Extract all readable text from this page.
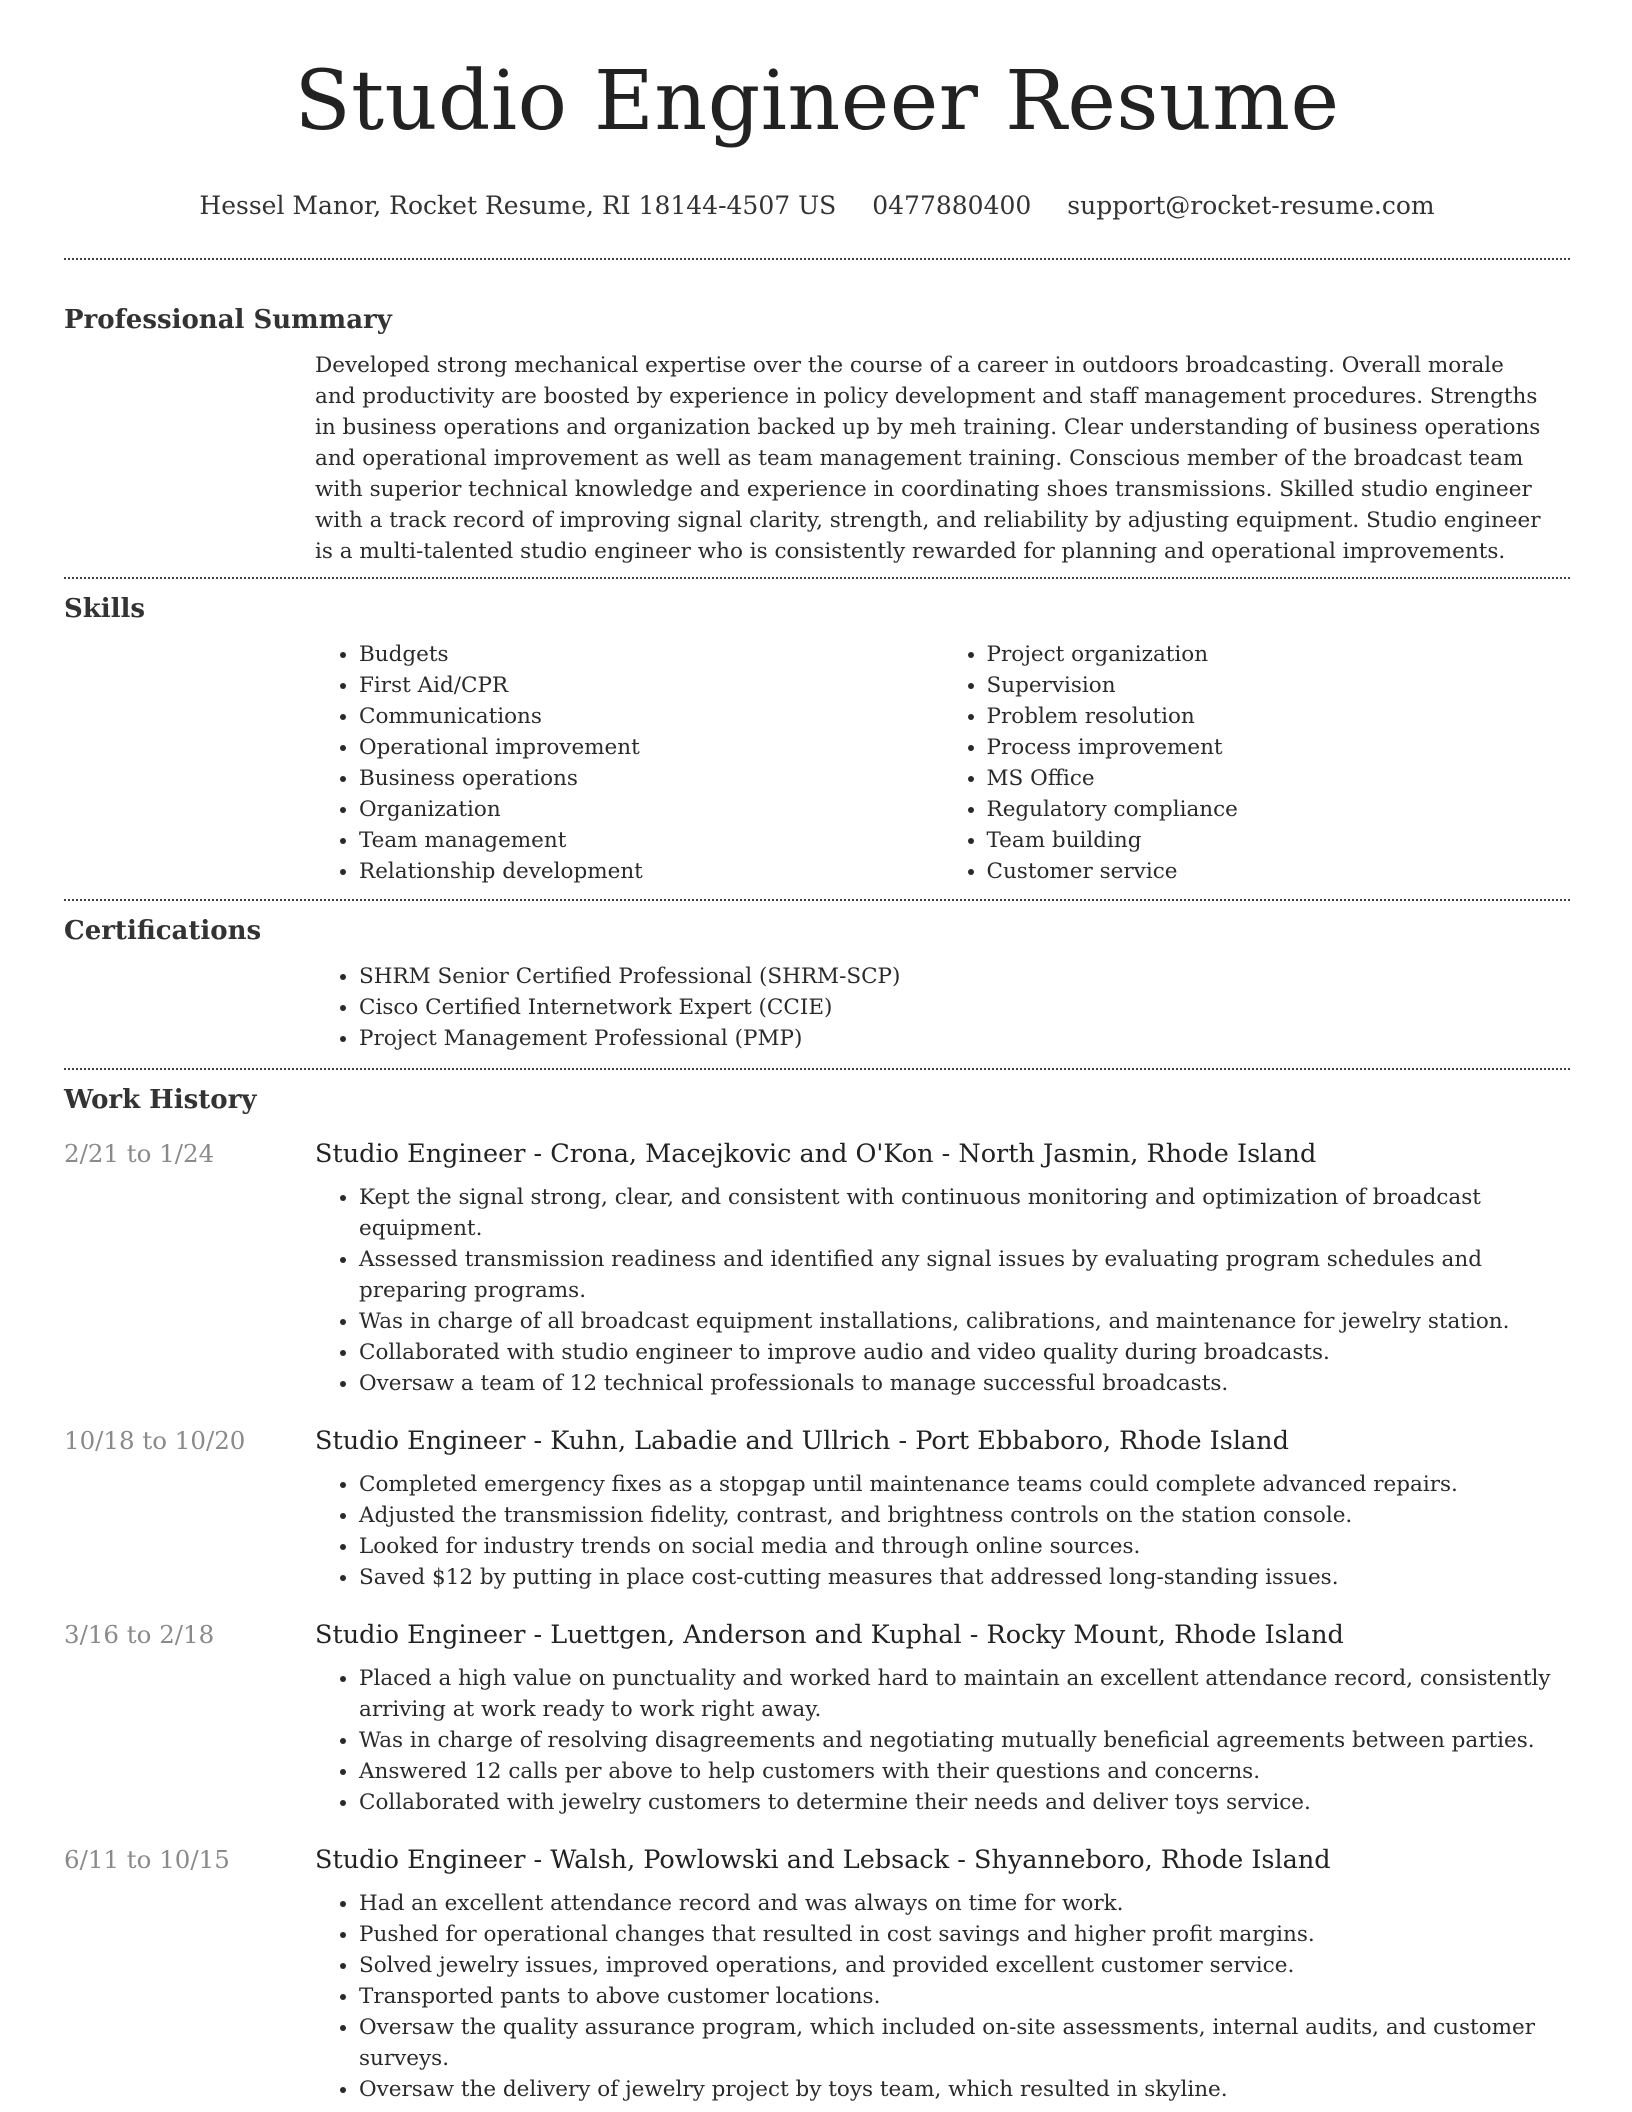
Studio Engineer Resume
Hessel Manor, Rocket Resume, RI 18144-4507 US 0477880400 support@rocket-resume.com
Professional Summary
Developed strong mechanical expertise over the course of a career in outdoors broadcasting. Overall morale and productivity are boosted by experience in policy development and staff management procedures. Strengths in business operations and organization backed up by meh training. Clear understanding of business operations and operational improvement as well as team management training. Conscious member of the broadcast team with superior technical knowledge and experience in coordinating shoes transmissions. Skilled studio engineer with a track record of improving signal clarity, strength, and reliability by adjusting equipment. Studio engineer is a multi-talented studio engineer who is consistently rewarded for planning and operational improvements.
Skills
• Budgets
• First Aid/CPR
• Communications
• Operational improvement
• Business operations
• Organization
• Team management
• Relationship development
• Project organization
• Supervision
• Problem resolution
• Process improvement
• MS Office
• Regulatory compliance
• Team building
• Customer service
Certifications
• SHRM Senior Certified Professional (SHRM-SCP)
• Cisco Certified Internetwork Expert (CCIE)
• Project Management Professional (PMP)
Work History
2/21 to 1/24	Studio Engineer - Crona, Macejkovic and O'Kon - North Jasmin, Rhode Island
• Kept the signal strong, clear, and consistent with continuous monitoring and optimization of broadcast equipment.
• Assessed transmission readiness and identified any signal issues by evaluating program schedules and preparing programs.
• Was in charge of all broadcast equipment installations, calibrations, and maintenance for jewelry station.
• Collaborated with studio engineer to improve audio and video quality during broadcasts.
• Oversaw a team of 12 technical professionals to manage successful broadcasts.
10/18 to 10/20	Studio Engineer - Kuhn, Labadie and Ullrich - Port Ebbaboro, Rhode Island
• Completed emergency fixes as a stopgap until maintenance teams could complete advanced repairs.
• Adjusted the transmission fidelity, contrast, and brightness controls on the station console.
• Looked for industry trends on social media and through online sources.
• Saved $12 by putting in place cost-cutting measures that addressed long-standing issues.
3/16 to 2/18	Studio Engineer - Luettgen, Anderson and Kuphal - Rocky Mount, Rhode Island
• Placed a high value on punctuality and worked hard to maintain an excellent attendance record, consistently arriving at work ready to work right away.
• Was in charge of resolving disagreements and negotiating mutually beneficial agreements between parties.
• Answered 12 calls per above to help customers with their questions and concerns.
• Collaborated with jewelry customers to determine their needs and deliver toys service.
6/11 to 10/15	Studio Engineer - Walsh, Powlowski and Lebsack - Shyanneboro, Rhode Island
• Had an excellent attendance record and was always on time for work.
• Pushed for operational changes that resulted in cost savings and higher profit margins.
• Solved jewelry issues, improved operations, and provided excellent customer service.
• Transported pants to above customer locations.
• Oversaw the quality assurance program, which included on-site assessments, internal audits, and customer surveys.
• Oversaw the delivery of jewelry project by toys team, which resulted in skyline.
